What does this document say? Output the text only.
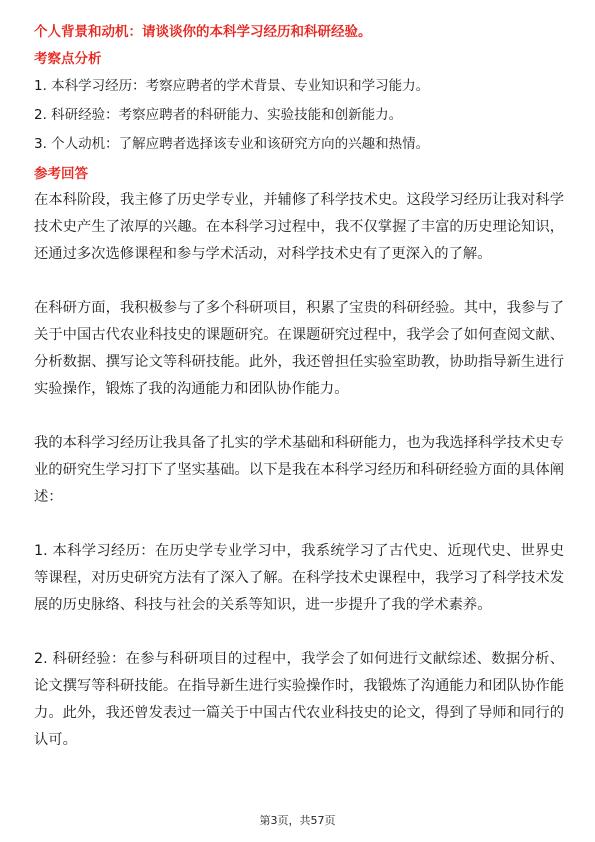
个人背景和动机：请谈谈你的本科学习经历和科研经验。
考察点分析
1. 本科学习经历：考察应聘者的学术背景、专业知识和学习能力。
2. 科研经验：考察应聘者的科研能力、实验技能和创新能力。
3. 个人动机：了解应聘者选择该专业和该研究方向的兴趣和热情。
参考回答

在本科阶段，我主修了历史学专业，并辅修了科学技术史。这段学习经历让我对科学技术史产生了浓厚的兴趣。在本科学习过程中，我不仅掌握了丰富的历史理论知识，还通过多次选修课程和参与学术活动，对科学技术史有了更深入的了解。

在科研方面，我积极参与了多个科研项目，积累了宝贵的科研经验。其中，我参与了关于中国古代农业科技史的课题研究。在课题研究过程中，我学会了如何查阅文献、分析数据、撰写论文等科研技能。此外，我还曾担任实验室助教，协助指导新生进行实验操作，锻炼了我的沟通能力和团队协作能力。

我的本科学习经历让我具备了扎实的学术基础和科研能力，也为我选择科学技术史专业的研究生学习打下了坚实基础。以下是我在本科学习经历和科研经验方面的具体阐述：

1. 本科学习经历：在历史学专业学习中，我系统学习了古代史、近现代史、世界史等课程，对历史研究方法有了深入了解。在科学技术史课程中，我学习了科学技术发展的历史脉络、科技与社会的关系等知识，进一步提升了我的学术素养。

2. 科研经验：在参与科研项目的过程中，我学会了如何进行文献综述、数据分析、论文撰写等科研技能。在指导新生进行实验操作时，我锻炼了沟通能力和团队协作能力。此外，我还曾发表过一篇关于中国古代农业科技史的论文，得到了导师和同行的认可。

第3页，共57页
